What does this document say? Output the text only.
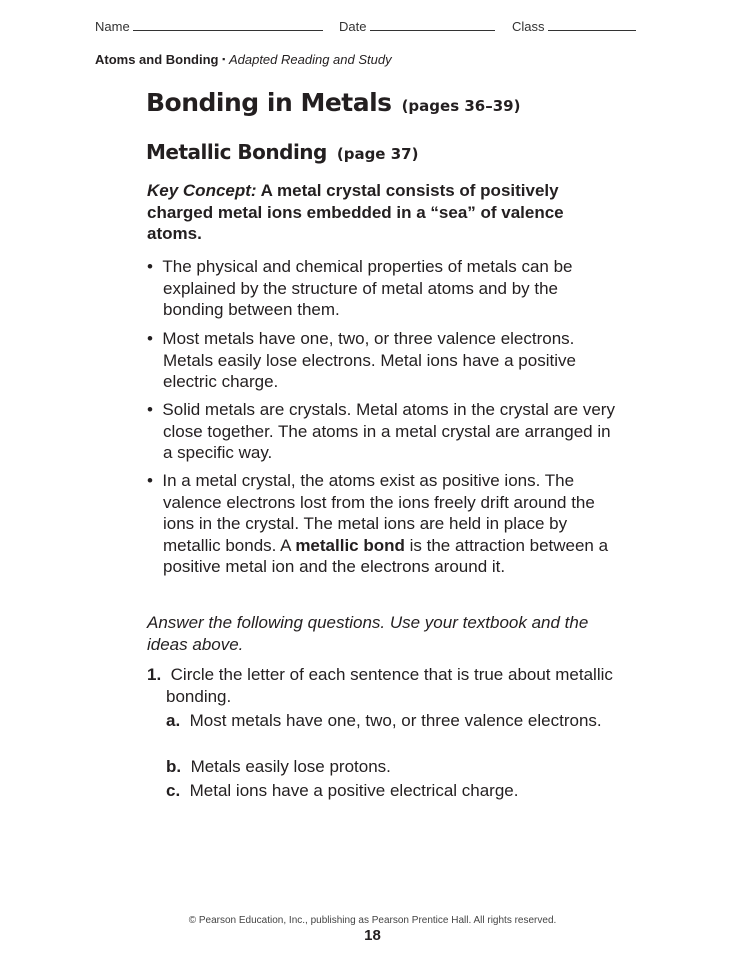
Name	Date	Class
Atoms and Bonding ▪ Adapted Reading and Study
Bonding in Metals (pages 36–39)
Metallic Bonding (page 37)
Key Concept: A metal crystal consists of positively charged metal ions embedded in a “sea” of valence atoms.
•  The physical and chemical properties of metals can be explained by the structure of metal atoms and by the bonding between them.
•  Most metals have one, two, or three valence electrons. Metals easily lose electrons. Metal ions have a positive electric charge.
•  Solid metals are crystals. Metal atoms in the crystal are very close together. The atoms in a metal crystal are arranged in a specific way.
•  In a metal crystal, the atoms exist as positive ions. The valence electrons lost from the ions freely drift around the ions in the crystal. The metal ions are held in place by metallic bonds. A metallic bond is the attraction between a positive metal ion and the electrons around it.
Answer the following questions. Use your textbook and the ideas above.
1. Circle the letter of each sentence that is true about metallic bonding.
a. Most metals have one, two, or three valence electrons.
b. Metals easily lose protons.
c. Metal ions have a positive electrical charge.
© Pearson Education, Inc., publishing as Pearson Prentice Hall. All rights reserved.
18
